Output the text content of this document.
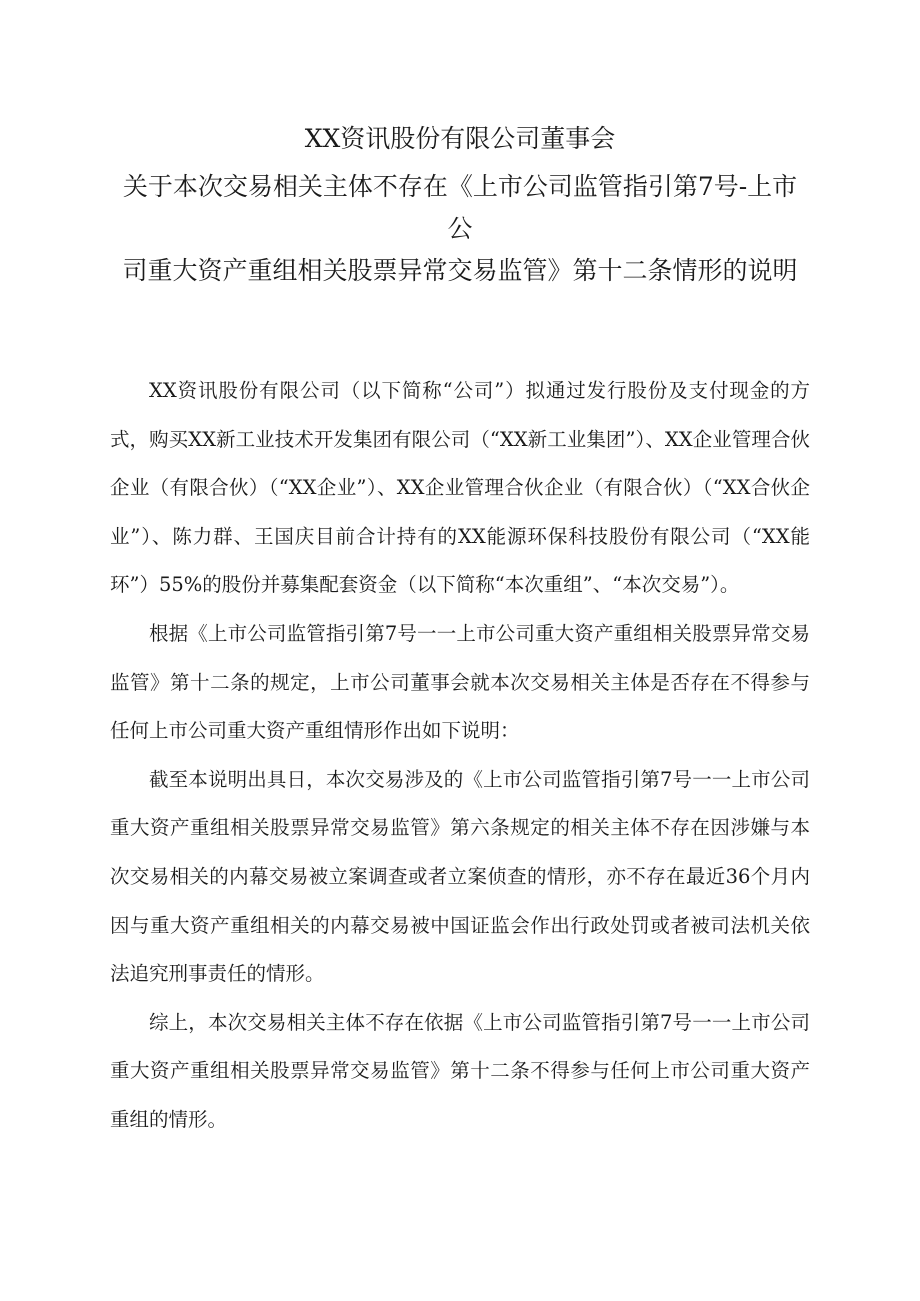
XX资讯股份有限公司董事会
关于本次交易相关主体不存在《上市公司监管指引第7号-上市
公
司重大资产重组相关股票异常交易监管》第十二条情形的说明

XX资讯股份有限公司（以下简称“公司”）拟通过发行股份及支付现金的方式，购买XX新工业技术开发集团有限公司（“XX新工业集团”）、XX企业管理合伙企业（有限合伙）（“XX企业”）、XX企业管理合伙企业（有限合伙）（“XX合伙企业”）、陈力群、王国庆目前合计持有的XX能源环保科技股份有限公司（“XX能环”）55%的股份并募集配套资金（以下简称“本次重组”、“本次交易”）。

根据《上市公司监管指引第7号一一上市公司重大资产重组相关股票异常交易监管》第十二条的规定，上市公司董事会就本次交易相关主体是否存在不得参与任何上市公司重大资产重组情形作出如下说明：

截至本说明出具日，本次交易涉及的《上市公司监管指引第7号一一上市公司重大资产重组相关股票异常交易监管》第六条规定的相关主体不存在因涉嫌与本次交易相关的内幕交易被立案调查或者立案侦查的情形，亦不存在最近36个月内因与重大资产重组相关的内幕交易被中国证监会作出行政处罚或者被司法机关依法追究刑事责任的情形。

综上，本次交易相关主体不存在依据《上市公司监管指引第7号一一上市公司重大资产重组相关股票异常交易监管》第十二条不得参与任何上市公司重大资产重组的情形。
